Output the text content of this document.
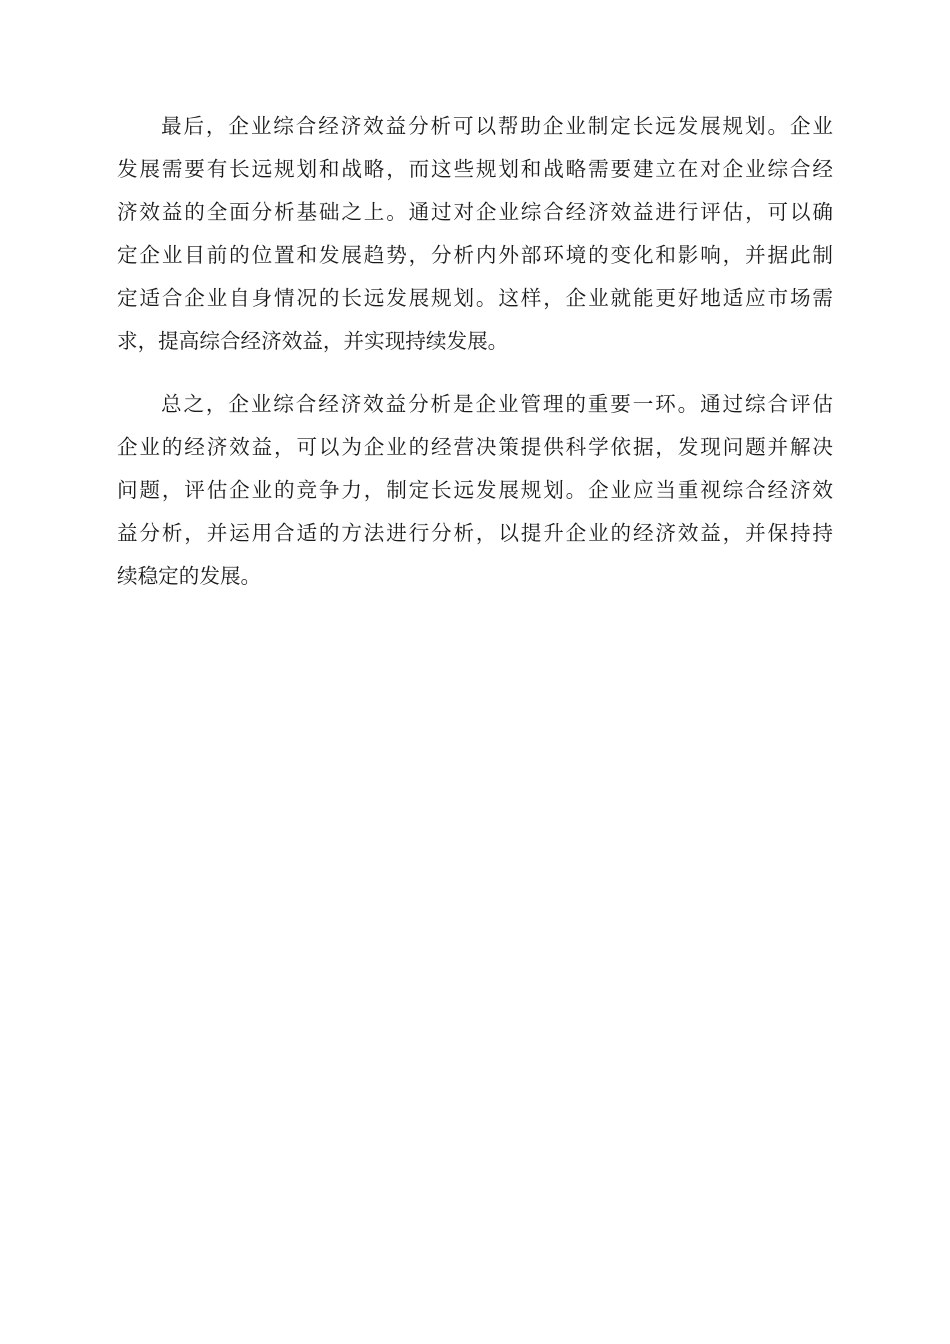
最后，企业综合经济效益分析可以帮助企业制定长远发展规划。企业
发展需要有长远规划和战略，而这些规划和战略需要建立在对企业综合经
济效益的全面分析基础之上。通过对企业综合经济效益进行评估，可以确
定企业目前的位置和发展趋势，分析内外部环境的变化和影响，并据此制
定适合企业自身情况的长远发展规划。这样，企业就能更好地适应市场需
求，提高综合经济效益，并实现持续发展。
总之，企业综合经济效益分析是企业管理的重要一环。通过综合评估
企业的经济效益，可以为企业的经营决策提供科学依据，发现问题并解决
问题，评估企业的竞争力，制定长远发展规划。企业应当重视综合经济效
益分析，并运用合适的方法进行分析，以提升企业的经济效益，并保持持
续稳定的发展。
